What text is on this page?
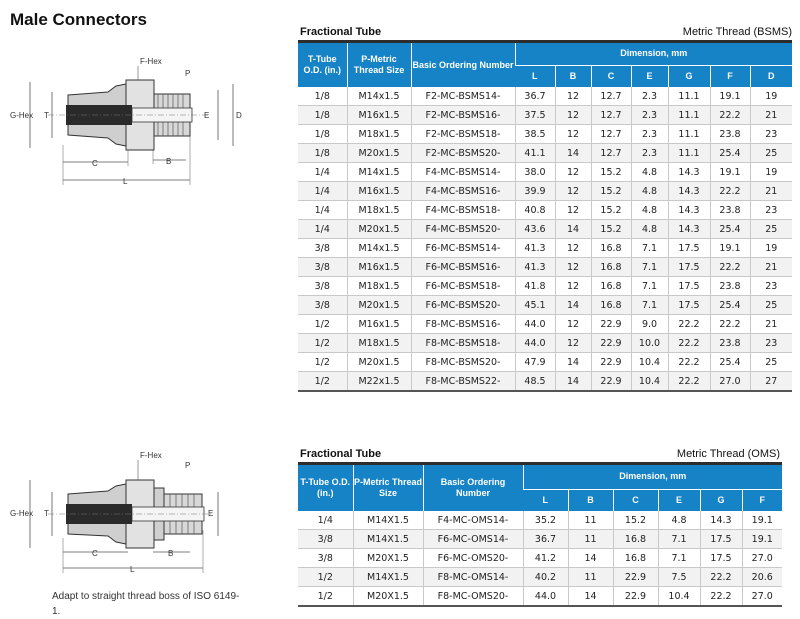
Male Connectors
F-Hex
P
G-Hex T	E	D
C	B
L
F-Hex
P
G-Hex T	E
C	B
L
Adapt to straight thread boss of ISO 6149-1.
Fractional Tube	Metric Thread (BSMS)
T-Tube O.D. (in.)	P-Metric Thread Size	Basic Ordering Number	Dimension, mm						
			L	B	C	E	G	F	D
1/8	M14x1.5	F2-MC-BSMS14-	36.7	12	12.7	2.3	11.1	19.1	19
1/8	M16x1.5	F2-MC-BSMS16-	37.5	12	12.7	2.3	11.1	22.2	21
1/8	M18x1.5	F2-MC-BSMS18-	38.5	12	12.7	2.3	11.1	23.8	23
1/8	M20x1.5	F2-MC-BSMS20-	41.1	14	12.7	2.3	11.1	25.4	25
1/4	M14x1.5	F4-MC-BSMS14-	38.0	12	15.2	4.8	14.3	19.1	19
1/4	M16x1.5	F4-MC-BSMS16-	39.9	12	15.2	4.8	14.3	22.2	21
1/4	M18x1.5	F4-MC-BSMS18-	40.8	12	15.2	4.8	14.3	23.8	23
1/4	M20x1.5	F4-MC-BSMS20-	43.6	14	15.2	4.8	14.3	25.4	25
3/8	M14x1.5	F6-MC-BSMS14-	41.3	12	16.8	7.1	17.5	19.1	19
3/8	M16x1.5	F6-MC-BSMS16-	41.3	12	16.8	7.1	17.5	22.2	21
3/8	M18x1.5	F6-MC-BSMS18-	41.8	12	16.8	7.1	17.5	23.8	23
3/8	M20x1.5	F6-MC-BSMS20-	45.1	14	16.8	7.1	17.5	25.4	25
1/2	M16x1.5	F8-MC-BSMS16-	44.0	12	22.9	9.0	22.2	22.2	21
1/2	M18x1.5	F8-MC-BSMS18-	44.0	12	22.9	10.0	22.2	23.8	23
1/2	M20x1.5	F8-MC-BSMS20-	47.9	14	22.9	10.4	22.2	25.4	25
1/2	M22x1.5	F8-MC-BSMS22-	48.5	14	22.9	10.4	22.2	27.0	27
Fractional Tube	Metric Thread (OMS)
T-Tube O.D. (in.)	P-Metric Thread Size	Basic Ordering Number	Dimension, mm					
			L	B	C	E	G	F
1/4	M14X1.5	F4-MC-OMS14-	35.2	11	15.2	4.8	14.3	19.1
3/8	M14X1.5	F6-MC-OMS14-	36.7	11	16.8	7.1	17.5	19.1
3/8	M20X1.5	F6-MC-OMS20-	41.2	14	16.8	7.1	17.5	27.0
1/2	M14X1.5	F8-MC-OMS14-	40.2	11	22.9	7.5	22.2	20.6
1/2	M20X1.5	F8-MC-OMS20-	44.0	14	22.9	10.4	22.2	27.0
